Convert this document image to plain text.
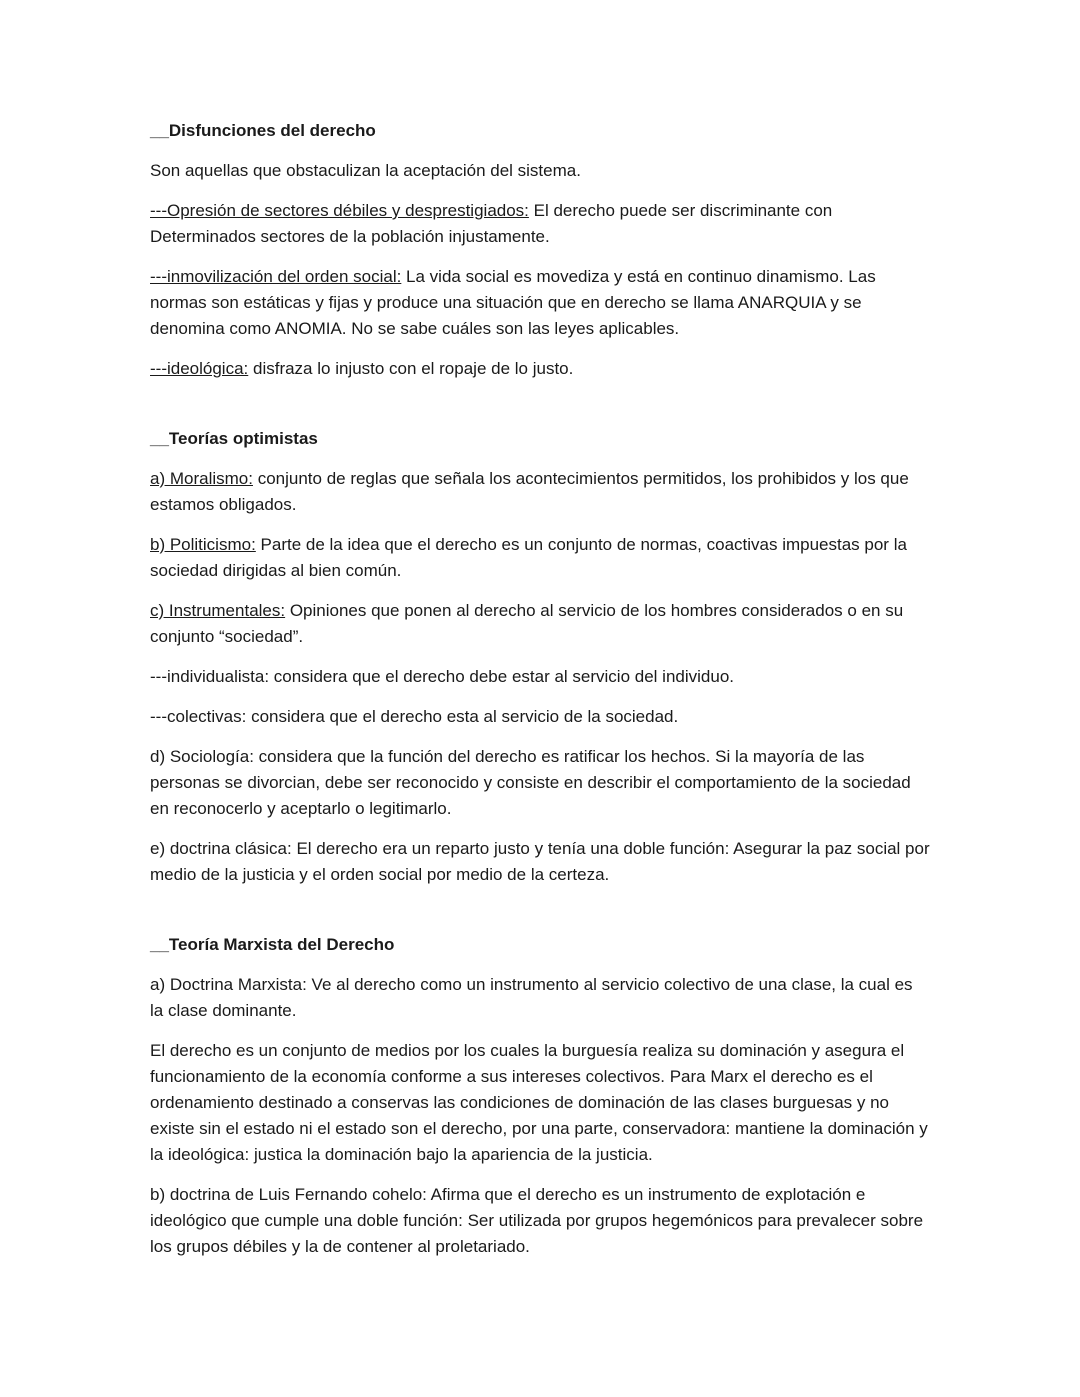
__Disfunciones del derecho

Son aquellas que obstaculizan la aceptación del sistema.

---Opresión de sectores débiles y desprestigiados: El derecho puede ser discriminante con Determinados sectores de la población injustamente.

---inmovilización del orden social: La vida social es movediza y está en continuo dinamismo. Las normas son estáticas y fijas y produce una situación que en derecho se llama ANARQUIA y se denomina como ANOMIA. No se sabe cuáles son las leyes aplicables.

---ideológica: disfraza lo injusto con el ropaje de lo justo.

__Teorías optimistas

a) Moralismo: conjunto de reglas que señala los acontecimientos permitidos, los prohibidos y los que estamos obligados.

b) Politicismo: Parte de la idea que el derecho es un conjunto de normas, coactivas impuestas por la sociedad dirigidas al bien común.

c) Instrumentales: Opiniones que ponen al derecho al servicio de los hombres considerados o en su conjunto “sociedad”.

---individualista: considera que el derecho debe estar al servicio del individuo.

---colectivas: considera que el derecho esta al servicio de la sociedad.

d) Sociología: considera que la función del derecho es ratificar los hechos. Si la mayoría de las personas se divorcian, debe ser reconocido y consiste en describir el comportamiento de la sociedad en reconocerlo y aceptarlo o legitimarlo.

e) doctrina clásica: El derecho era un reparto justo y tenía una doble función: Asegurar la paz social por medio de la justicia y el orden social por medio de la certeza.

__Teoría Marxista del Derecho

a) Doctrina Marxista: Ve al derecho como un instrumento al servicio colectivo de una clase, la cual es la clase dominante.

El derecho es un conjunto de medios por los cuales la burguesía realiza su dominación y asegura el funcionamiento de la economía conforme a sus intereses colectivos. Para Marx el derecho es el ordenamiento destinado a conservas las condiciones de dominación de las clases burguesas y no existe sin el estado ni el estado son el derecho, por una parte, conservadora: mantiene la dominación y la ideológica: justica la dominación bajo la apariencia de la justicia.

b) doctrina de Luis Fernando cohelo: Afirma que el derecho es un instrumento de explotación e ideológico que cumple una doble función: Ser utilizada por grupos hegemónicos para prevalecer sobre los grupos débiles y la de contener al proletariado.
